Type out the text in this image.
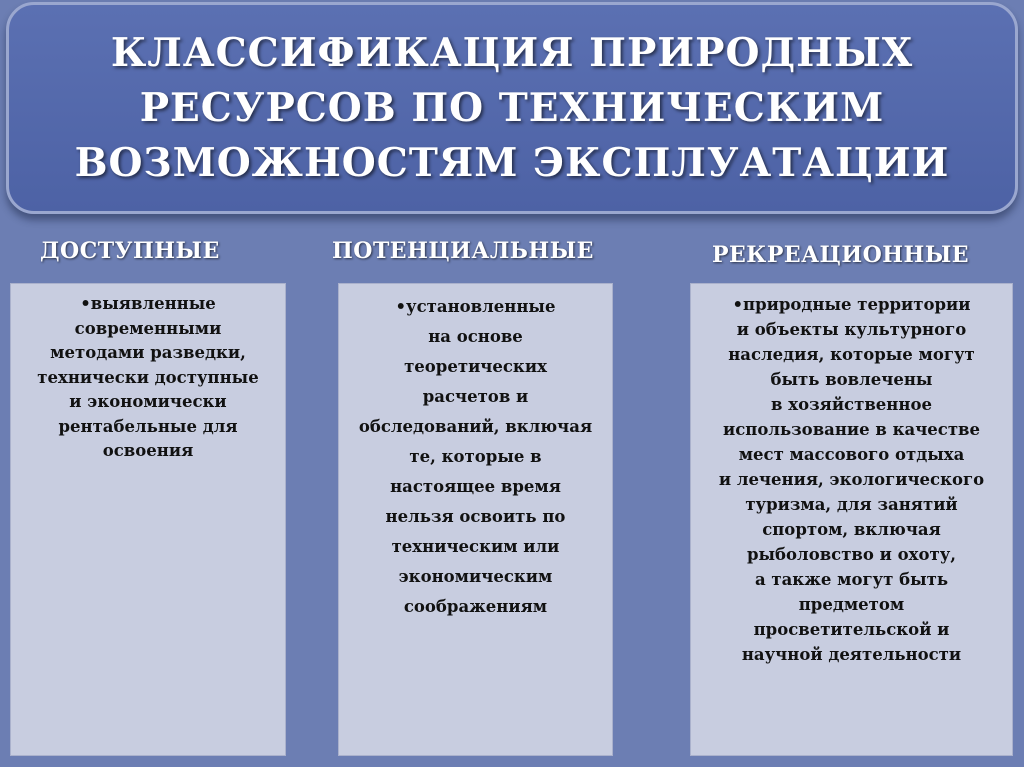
КЛАССИФИКАЦИЯ ПРИРОДНЫХ РЕСУРСОВ ПО ТЕХНИЧЕСКИМ ВОЗМОЖНОСТЯМ ЭКСПЛУАТАЦИИ
ДОСТУПНЫЕ	ПОТЕНЦИАЛЬНЫЕ	РЕКРЕАЦИОННЫЕ
•выявленные
современными
методами разведки,
технически доступные
и экономически
рентабельные для
освоения
•установленные
на основе
теоретических
расчетов и
обследований, включая
те, которые в
настоящее время
нельзя освоить по
техническим или
экономическим
соображениям
•природные территории
и объекты культурного
наследия, которые могут
быть вовлечены
в хозяйственное
использование в качестве
мест массового отдыха
и лечения, экологического
туризма, для занятий
спортом, включая
рыболовство и охоту,
а также могут быть
предметом
просветительской и
научной деятельности
